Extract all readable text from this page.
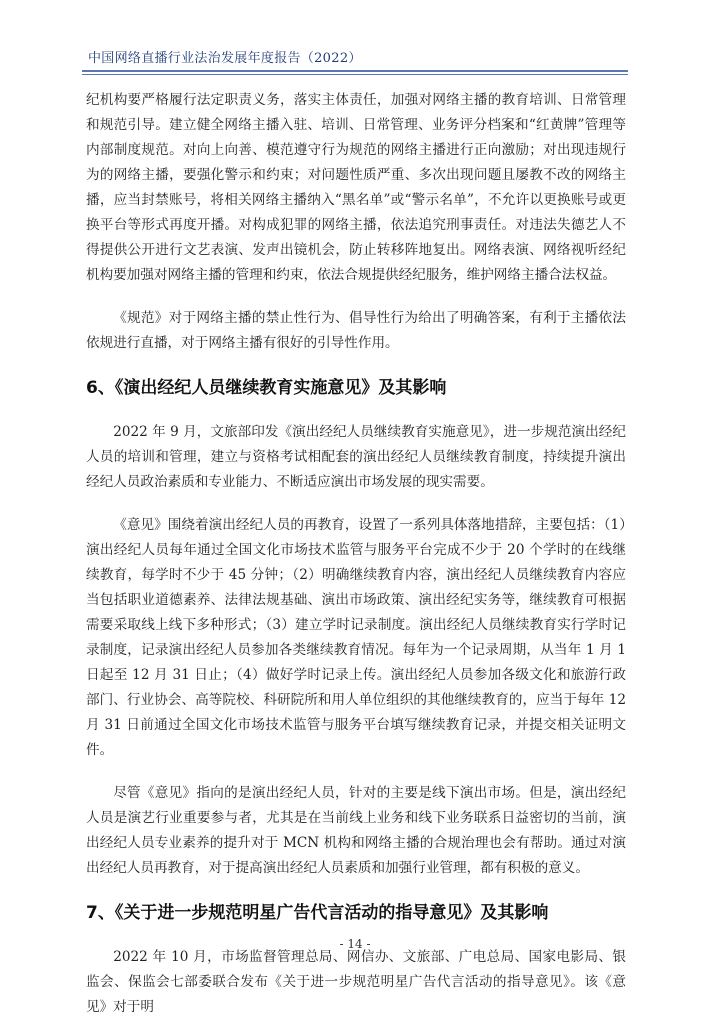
中国网络直播行业法治发展年度报告（2022）

纪机构要严格履行法定职责义务，落实主体责任，加强对网络主播的教育培训、日常管理和规范引导。建立健全网络主播入驻、培训、日常管理、业务评分档案和“红黄牌”管理等内部制度规范。对向上向善、模范遵守行为规范的网络主播进行正向激励；对出现违规行为的网络主播，要强化警示和约束；对问题性质严重、多次出现问题且屡教不改的网络主播，应当封禁账号，将相关网络主播纳入“黑名单”或“警示名单”，不允许以更换账号或更换平台等形式再度开播。对构成犯罪的网络主播，依法追究刑事责任。对违法失德艺人不得提供公开进行文艺表演、发声出镜机会，防止转移阵地复出。网络表演、网络视听经纪机构要加强对网络主播的管理和约束，依法合规提供经纪服务，维护网络主播合法权益。

《规范》对于网络主播的禁止性行为、倡导性行为给出了明确答案，有利于主播依法依规进行直播，对于网络主播有很好的引导性作用。

6、《演出经纪人员继续教育实施意见》及其影响

2022 年 9 月，文旅部印发《演出经纪人员继续教育实施意见》，进一步规范演出经纪人员的培训和管理，建立与资格考试相配套的演出经纪人员继续教育制度，持续提升演出经纪人员政治素质和专业能力、不断适应演出市场发展的现实需要。

《意见》围绕着演出经纪人员的再教育，设置了一系列具体落地措辞，主要包括：（1）演出经纪人员每年通过全国文化市场技术监管与服务平台完成不少于 20 个学时的在线继续教育，每学时不少于 45 分钟；（2）明确继续教育内容，演出经纪人员继续教育内容应当包括职业道德素养、法律法规基础、演出市场政策、演出经纪实务等，继续教育可根据需要采取线上线下多种形式；（3）建立学时记录制度。演出经纪人员继续教育实行学时记录制度，记录演出经纪人员参加各类继续教育情况。每年为一个记录周期，从当年 1 月 1 日起至 12 月 31 日止；（4）做好学时记录上传。演出经纪人员参加各级文化和旅游行政部门、行业协会、高等院校、科研院所和用人单位组织的其他继续教育的，应当于每年 12 月 31 日前通过全国文化市场技术监管与服务平台填写继续教育记录，并提交相关证明文件。

尽管《意见》指向的是演出经纪人员，针对的主要是线下演出市场。但是，演出经纪人员是演艺行业重要参与者，尤其是在当前线上业务和线下业务联系日益密切的当前，演出经纪人员专业素养的提升对于 MCN 机构和网络主播的合规治理也会有帮助。通过对演出经纪人员再教育，对于提高演出经纪人员素质和加强行业管理，都有积极的意义。

7、《关于进一步规范明星广告代言活动的指导意见》及其影响

2022 年 10 月，市场监督管理总局、网信办、文旅部、广电总局、国家电影局、银监会、保监会七部委联合发布《关于进一步规范明星广告代言活动的指导意见》。该《意见》对于明

- 14 -
